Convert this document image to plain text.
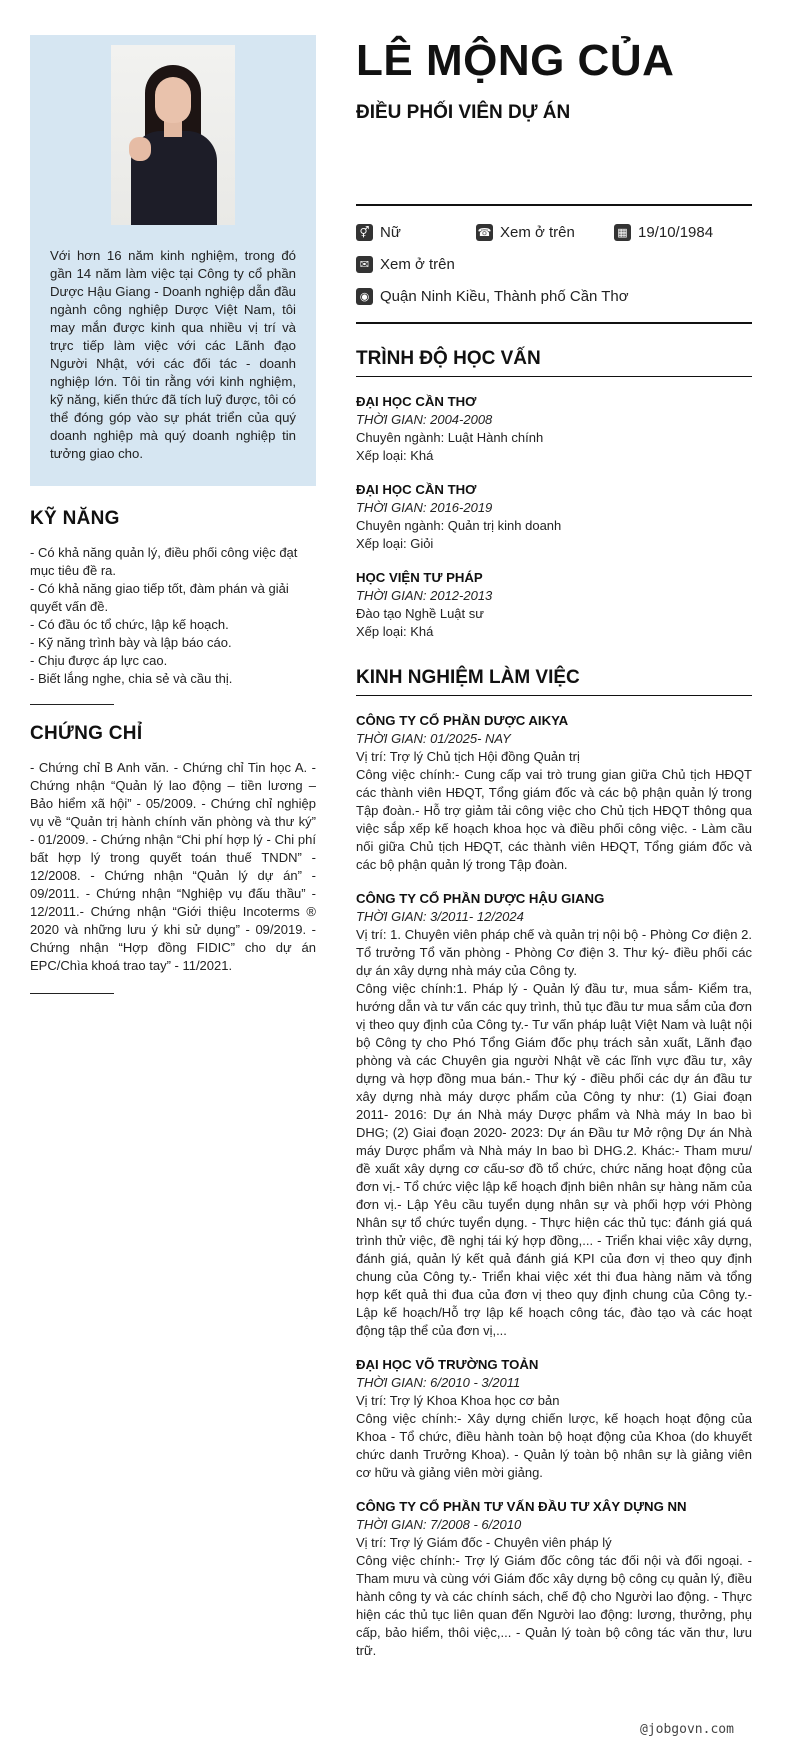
Với hơn 16 năm kinh nghiệm, trong đó gần 14 năm làm việc tại Công ty cổ phần Dược Hậu Giang - Doanh nghiệp dẫn đầu ngành công nghiệp Dược Việt Nam, tôi may mắn được kinh qua nhiều vị trí và trực tiếp làm việc với các Lãnh đạo Người Nhật, với các đối tác - doanh nghiệp lớn. Tôi tin rằng với kinh nghiệm, kỹ năng, kiến thức đã tích luỹ được, tôi có thể đóng góp vào sự phát triển của quý doanh nghiệp mà quý doanh nghiệp tin tưởng giao cho.

KỸ NĂNG
- Có khả năng quản lý, điều phối công việc đạt mục tiêu đề ra.
- Có khả năng giao tiếp tốt, đàm phán và giải quyết vấn đề.
- Có đầu óc tổ chức, lập kế hoạch.
- Kỹ năng trình bày và lập báo cáo.
- Chịu được áp lực cao.
- Biết lắng nghe, chia sẻ và cầu thị.
CHỨNG CHỈ

- Chứng chỉ B Anh văn. - Chứng chỉ Tin học A. - Chứng nhận “Quản lý lao động – tiền lương – Bảo hiểm xã hội” - 05/2009. - Chứng chỉ nghiệp vụ về “Quản trị hành chính văn phòng và thư ký” - 01/2009. - Chứng nhận “Chi phí hợp lý - Chi phí bất hợp lý trong quyết toán thuế TNDN” - 12/2008. - Chứng nhận “Quản lý dự án” - 09/2011. - Chứng nhận “Nghiệp vụ đấu thầu” - 12/2011.- Chứng nhận “Giới thiệu Incoterms ® 2020 và những lưu ý khi sử dụng” - 09/2019. - Chứng nhận “Hợp đồng FIDIC” cho dự án EPC/Chìa khoá trao tay” - 11/2021.

LÊ MỘNG CỦA
ĐIỀU PHỐI VIÊN DỰ ÁN
⚥ Nữ	☎ Xem ở trên	▦ 19/10/1984
✉ Xem ở trên
◉ Quận Ninh Kiều, Thành phố Cần Thơ
TRÌNH ĐỘ HỌC VẤN
ĐẠI HỌC CẦN THƠ
THỜI GIAN: 2004-2008
Chuyên ngành: Luật Hành chính
Xếp loại: Khá
ĐẠI HỌC CẦN THƠ
THỜI GIAN: 2016-2019
Chuyên ngành: Quản trị kinh doanh
Xếp loại: Giỏi
HỌC VIỆN TƯ PHÁP
THỜI GIAN: 2012-2013
Đào tạo Nghề Luật sư
Xếp loại: Khá
KINH NGHIỆM LÀM VIỆC
CÔNG TY CỔ PHẦN DƯỢC AIKYA
THỜI GIAN: 01/2025- NAY
Vị trí: Trợ lý Chủ tịch Hội đồng Quản trị
Công việc chính:- Cung cấp vai trò trung gian giữa Chủ tịch HĐQT các thành viên HĐQT, Tổng giám đốc và các bộ phận quản lý trong Tập đoàn.- Hỗ trợ giảm tải công việc cho Chủ tịch HĐQT thông qua việc sắp xếp kế hoạch khoa học và điều phối công việc. - Làm cầu nối giữa Chủ tịch HĐQT, các thành viên HĐQT, Tổng giám đốc và các bộ phận quản lý trong Tập đoàn.
CÔNG TY CỔ PHẦN DƯỢC HẬU GIANG
THỜI GIAN: 3/2011- 12/2024
Vị trí: 1. Chuyên viên pháp chế và quản trị nội bộ - Phòng Cơ điện 2. Tổ trưởng Tổ văn phòng - Phòng Cơ điện 3. Thư ký- điều phối các dự án xây dựng nhà máy của Công ty.
Công việc chính:1. Pháp lý - Quản lý đầu tư, mua sắm- Kiểm tra, hướng dẫn và tư vấn các quy trình, thủ tục đầu tư mua sắm của đơn vị theo quy định của Công ty.- Tư vấn pháp luật Việt Nam và luật nội bộ Công ty cho Phó Tổng Giám đốc phụ trách sản xuất, Lãnh đạo phòng và các Chuyên gia người Nhật về các lĩnh vực đầu tư, xây dựng và hợp đồng mua bán.- Thư ký - điều phối các dự án đầu tư xây dựng nhà máy dược phẩm của Công ty như: (1) Giai đoạn 2011- 2016: Dự án Nhà máy Dược phẩm và Nhà máy In bao bì DHG; (2) Giai đoạn 2020- 2023: Dự án Đầu tư Mở rộng Dự án Nhà máy Dược phẩm và Nhà máy In bao bì DHG.2. Khác:- Tham mưu/đề xuất xây dựng cơ cấu-sơ đồ tổ chức, chức năng hoạt động của đơn vị.- Tổ chức việc lập kế hoạch định biên nhân sự hàng năm của đơn vị.- Lập Yêu cầu tuyển dụng nhân sự và phối hợp với Phòng Nhân sự tổ chức tuyển dụng. - Thực hiện các thủ tục: đánh giá quá trình thử việc, đề nghị tái ký hợp đồng,... - Triển khai việc xây dựng, đánh giá, quản lý kết quả đánh giá KPI của đơn vị theo quy định chung của Công ty.- Triển khai việc xét thi đua hàng năm và tổng hợp kết quả thi đua của đơn vị theo quy định chung của Công ty.- Lập kế hoạch/Hỗ trợ lập kế hoạch công tác, đào tạo và các hoạt động tập thể của đơn vị,...
ĐẠI HỌC VÕ TRƯỜNG TOẢN
THỜI GIAN: 6/2010 - 3/2011
Vị trí: Trợ lý Khoa Khoa học cơ bản
Công việc chính:- Xây dựng chiến lược, kế hoạch hoạt động của Khoa - Tổ chức, điều hành toàn bộ hoạt động của Khoa (do khuyết chức danh Trưởng Khoa). - Quản lý toàn bộ nhân sự là giảng viên cơ hữu và giảng viên mời giảng.
CÔNG TY CỔ PHẦN TƯ VẤN ĐẦU TƯ XÂY DỰNG NN
THỜI GIAN: 7/2008 - 6/2010
Vị trí: Trợ lý Giám đốc - Chuyên viên pháp lý
Công việc chính:- Trợ lý Giám đốc công tác đối nội và đối ngoại. - Tham mưu và cùng với Giám đốc xây dựng bộ công cụ quản lý, điều hành công ty và các chính sách, chế độ cho Người lao động. - Thực hiện các thủ tục liên quan đến Người lao động: lương, thưởng, phụ cấp, bảo hiểm, thôi việc,... - Quản lý toàn bộ công tác văn thư, lưu trữ.
@jobgovn.com
